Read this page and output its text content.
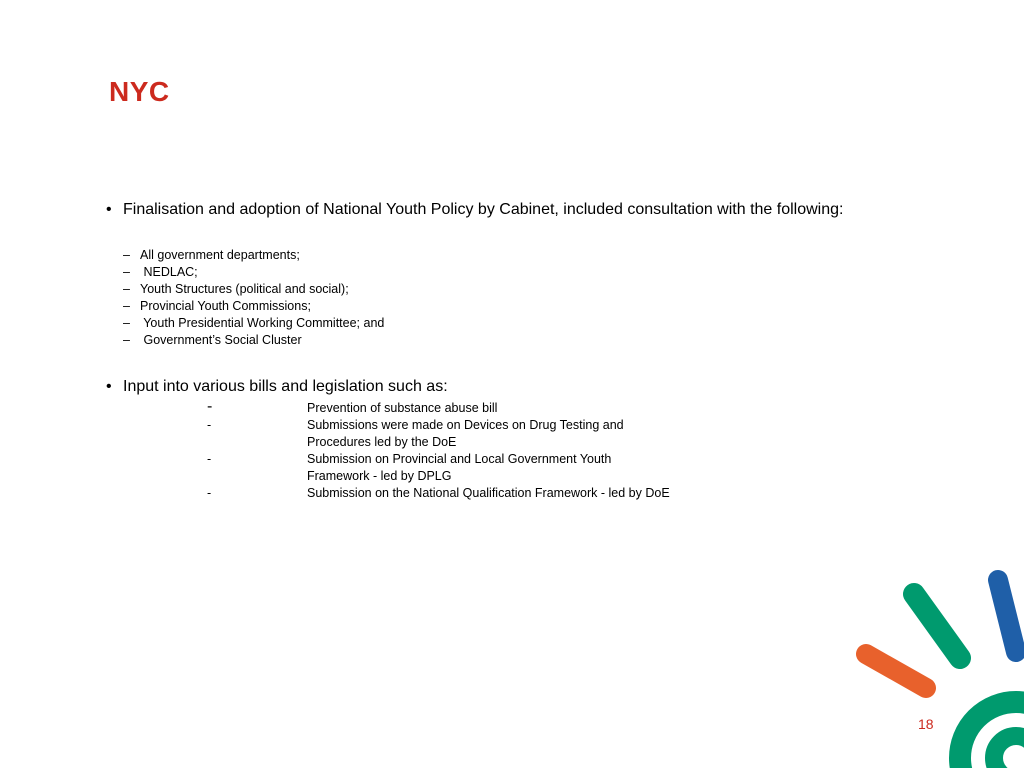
NYC
• Finalisation and adoption of National Youth Policy by Cabinet, included consultation with the following:
– All government departments;
– NEDLAC;
– Youth Structures (political and social);
– Provincial Youth Commissions;
– Youth Presidential Working Committee; and
– Government’s Social Cluster
• Input into various bills and legislation such as:
-	Prevention of substance abuse bill
-	Submissions were made on Devices on Drug Testing and
Procedures led by the DoE
-	Submission on Provincial and Local Government Youth
Framework - led by DPLG
-	Submission on the National Qualification Framework - led by DoE
18
